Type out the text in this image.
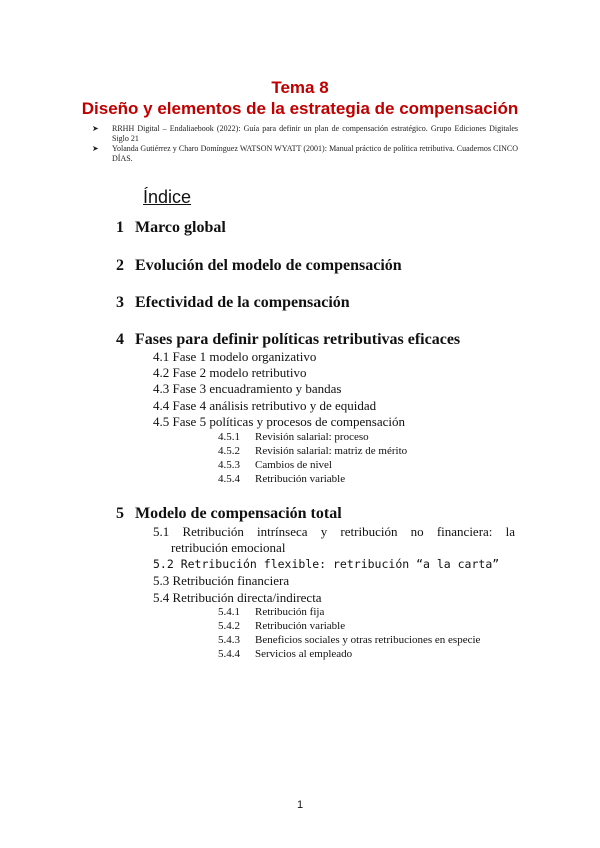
Tema 8
Diseño y elementos de la estrategia de compensación
➤ RRHH Digital – Endaliaebook (2022): Guía para definir un plan de compensación estratégico. Grupo Ediciones Digitales Siglo 21
➤ Yolanda Gutiérrez y Charo Domínguez WATSON WYATT (2001): Manual práctico de política retributiva. Cuadernos CINCO DÍAS.
Índice
1 Marco global
2 Evolución del modelo de compensación
3 Efectividad de la compensación
4 Fases para definir políticas retributivas eficaces
4.1 Fase 1 modelo organizativo
4.2 Fase 2 modelo retributivo
4.3 Fase 3 encuadramiento y bandas
4.4 Fase 4 análisis retributivo y de equidad
4.5 Fase 5 políticas y procesos de compensación
4.5.1 Revisión salarial: proceso
4.5.2 Revisión salarial: matriz de mérito
4.5.3 Cambios de nivel
4.5.4 Retribución variable
5 Modelo de compensación total
5.1 Retribución intrínseca y retribución no financiera: la
retribución emocional
5.2 Retribución flexible: retribución “a la carta”
5.3 Retribución financiera
5.4 Retribución directa/indirecta
5.4.1 Retribución fija
5.4.2 Retribución variable
5.4.3 Beneficios sociales y otras retribuciones en especie
5.4.4 Servicios al empleado
1
